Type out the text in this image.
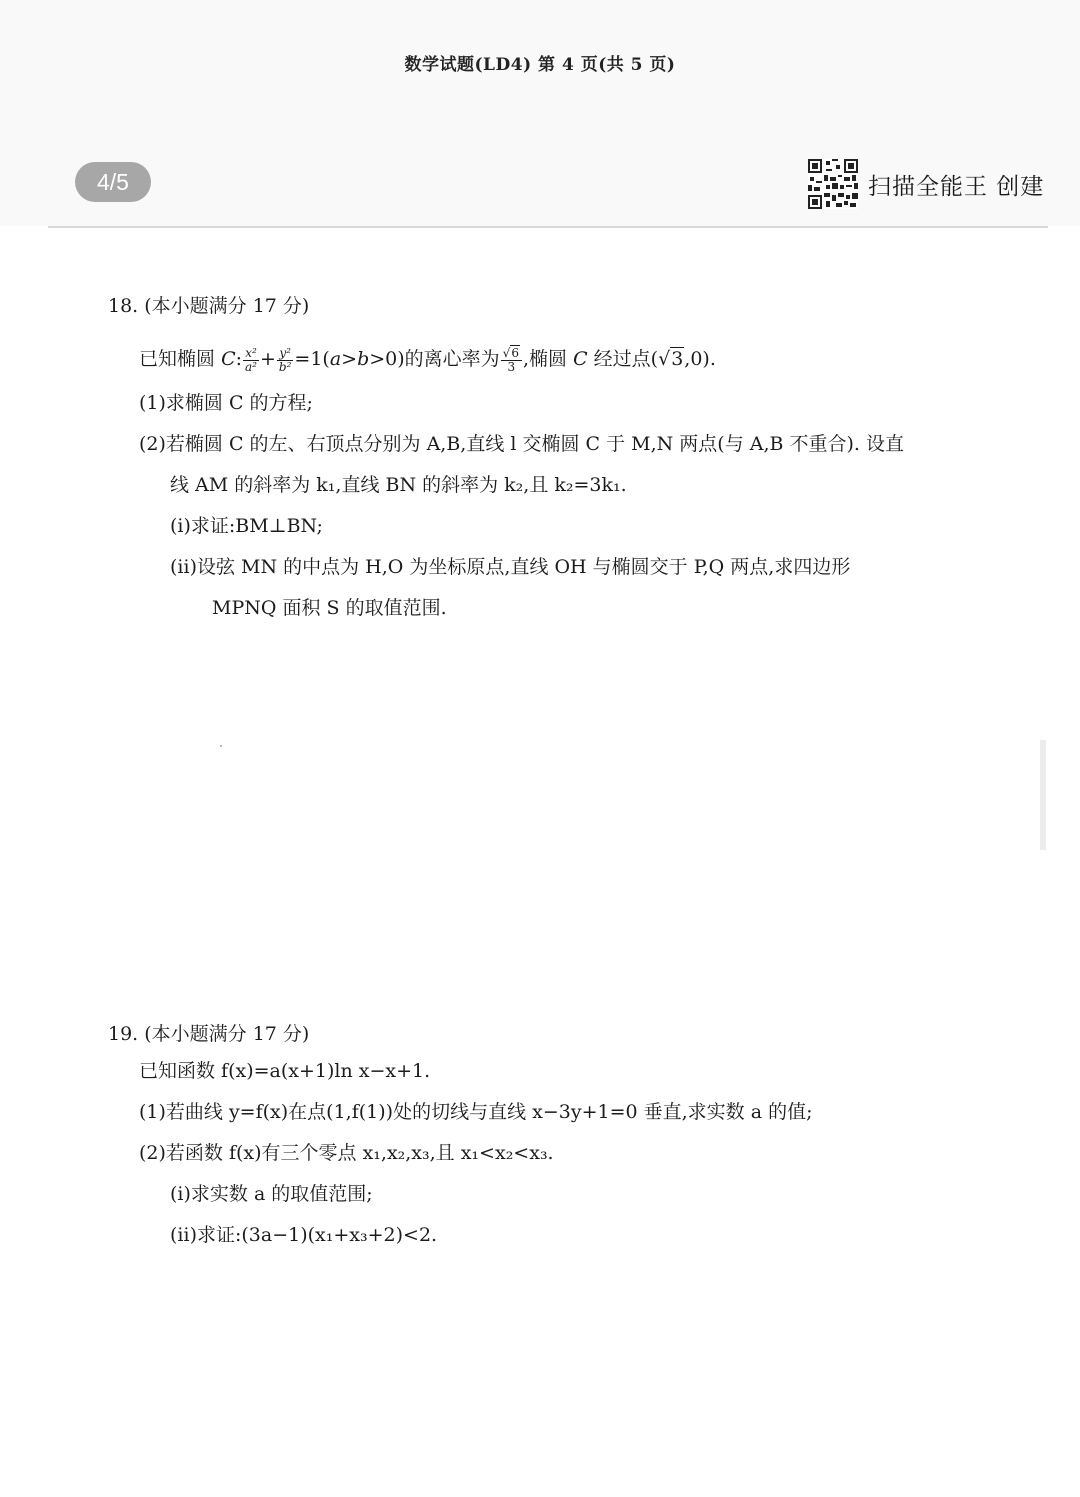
数学试题(LD4) 第 4 页(共 5 页)
4/5	扫描全能王 创建
18. (本小题满分 17 分)
已知椭圆 C: $\frac{\text{x²}}{\text{a²}} + \frac{\text{y²}}{\text{b²}} =1(a>b>0)$的离心率为 $\frac{√6}{3}$ ,椭圆 C 经过点(√3,0).
(1)求椭圆 C 的方程;
(2)若椭圆 C 的左、右顶点分别为 A,B,直线 l 交椭圆 C 于 M,N 两点(与 A,B 不重合). 设直
线 AM 的斜率为 k₁,直线 BN 的斜率为 k₂,且 k₂=3k₁.
(ⅰ)求证:BM⊥BN;
(ⅱ)设弦 MN 的中点为 H,O 为坐标原点,直线 OH 与椭圆交于 P,Q 两点,求四边形
MPNQ 面积 S 的取值范围.
19. (本小题满分 17 分)
已知函数 f(x)=a(x+1)ln x−x+1.
(1)若曲线 y=f(x)在点(1,f(1))处的切线与直线 x−3y+1=0 垂直,求实数 a 的值;
(2)若函数 f(x)有三个零点 x₁,x₂,x₃,且 x₁<x₂<x₃.
(ⅰ)求实数 a 的取值范围;
(ⅱ)求证:(3a−1)(x₁+x₃+2)<2.
